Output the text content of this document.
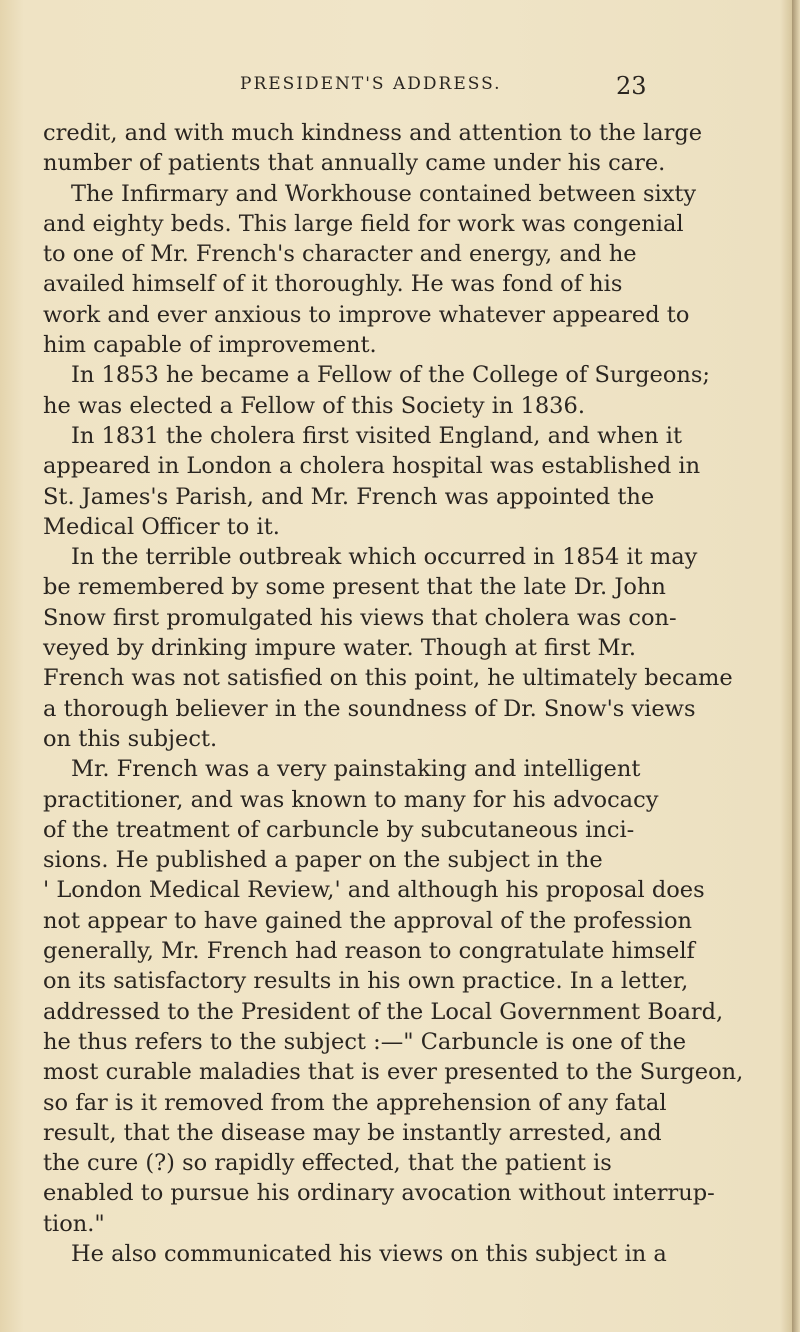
PRESIDENT'S ADDRESS.	23
credit, and with much kindness and attention to the large
number of patients that annually came under his care.
The Infirmary and Workhouse contained between sixty
and eighty beds. This large field for work was congenial
to one of Mr. French's character and energy, and he
availed himself of it thoroughly. He was fond of his
work and ever anxious to improve whatever appeared to
him capable of improvement.
In 1853 he became a Fellow of the College of Surgeons;
he was elected a Fellow of this Society in 1836.
In 1831 the cholera first visited England, and when it
appeared in London a cholera hospital was established in
St. James's Parish, and Mr. French was appointed the
Medical Officer to it.
In the terrible outbreak which occurred in 1854 it may
be remembered by some present that the late Dr. John
Snow first promulgated his views that cholera was con-
veyed by drinking impure water. Though at first Mr.
French was not satisfied on this point, he ultimately became
a thorough believer in the soundness of Dr. Snow's views
on this subject.
Mr. French was a very painstaking and intelligent
practitioner, and was known to many for his advocacy
of the treatment of carbuncle by subcutaneous inci-
sions. He published a paper on the subject in the
' London Medical Review,' and although his proposal does
not appear to have gained the approval of the profession
generally, Mr. French had reason to congratulate himself
on its satisfactory results in his own practice. In a letter,
addressed to the President of the Local Government Board,
he thus refers to the subject :—" Carbuncle is one of the
most curable maladies that is ever presented to the Surgeon,
so far is it removed from the apprehension of any fatal
result, that the disease may be instantly arrested, and
the cure (?) so rapidly effected, that the patient is
enabled to pursue his ordinary avocation without interrup-
tion."
He also communicated his views on this subject in a
